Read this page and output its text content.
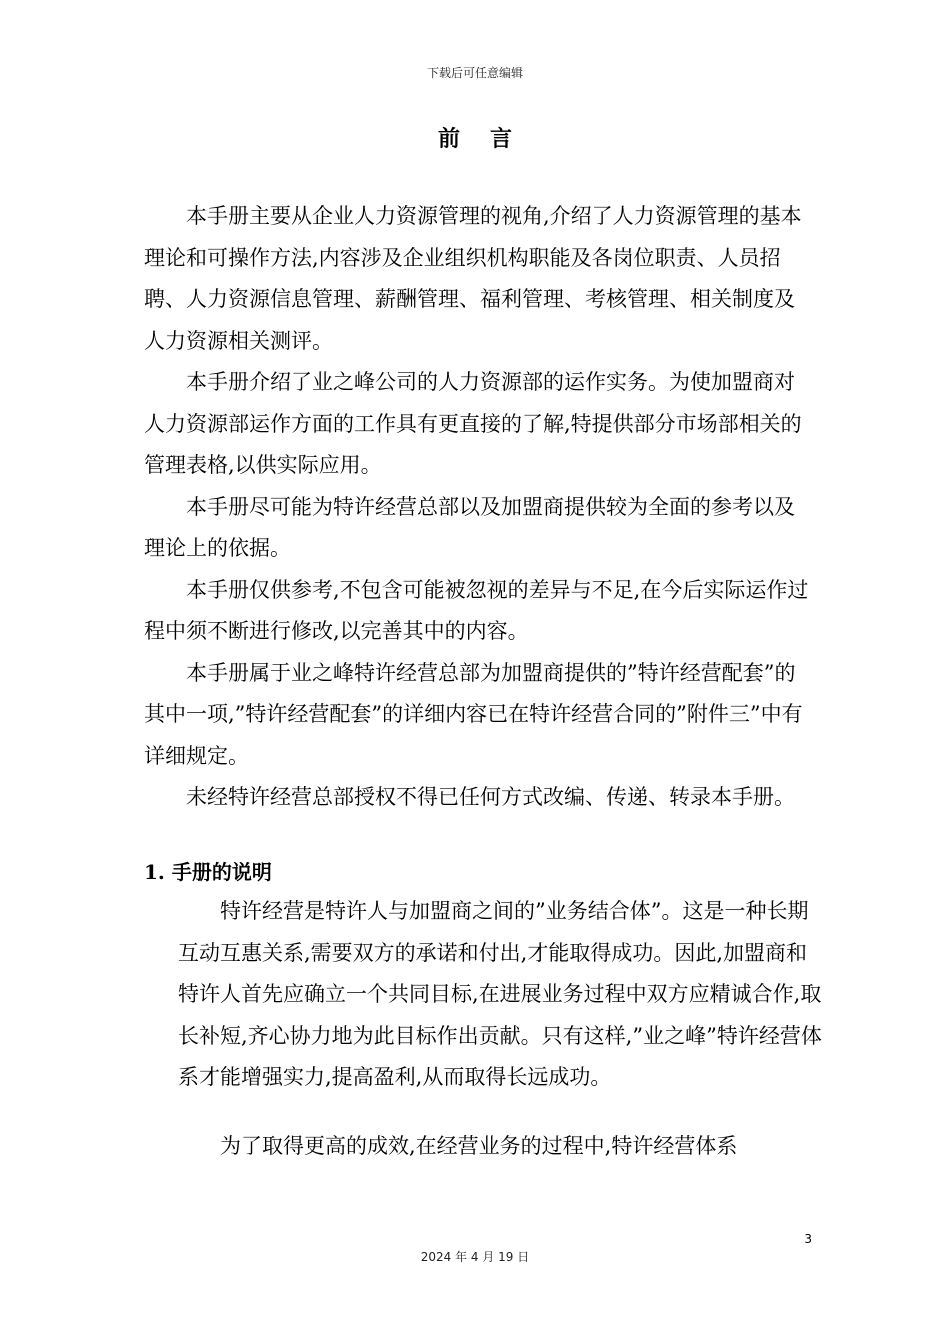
下载后可任意编辑
前言

本手册主要从企业人力资源管理的视角,介绍了人力资源管理的基本理论和可操作方法,内容涉及企业组织机构职能及各岗位职责、人员招聘、人力资源信息管理、薪酬管理、福利管理、考核管理、相关制度及人力资源相关测评。

本手册介绍了业之峰公司的人力资源部的运作实务。为使加盟商对人力资源部运作方面的工作具有更直接的了解,特提供部分市场部相关的管理表格,以供实际应用。

本手册尽可能为特许经营总部以及加盟商提供较为全面的参考以及理论上的依据。

本手册仅供参考,不包含可能被忽视的差异与不足,在今后实际运作过程中须不断进行修改,以完善其中的内容。

本手册属于业之峰特许经营总部为加盟商提供的”特许经营配套”的其中一项,”特许经营配套”的详细内容已在特许经营合同的”附件三”中有详细规定。

未经特许经营总部授权不得已任何方式改编、传递、转录本手册。

1. 手册的说明

特许经营是特许人与加盟商之间的”业务结合体”。这是一种长期互动互惠关系,需要双方的承诺和付出,才能取得成功。因此,加盟商和特许人首先应确立一个共同目标,在进展业务过程中双方应精诚合作,取长补短,齐心协力地为此目标作出贡献。只有这样,”业之峰”特许经营体系才能增强实力,提高盈利,从而取得长远成功。

为了取得更高的成效,在经营业务的过程中,特许经营体系

3
2024 年 4 月 19 日
